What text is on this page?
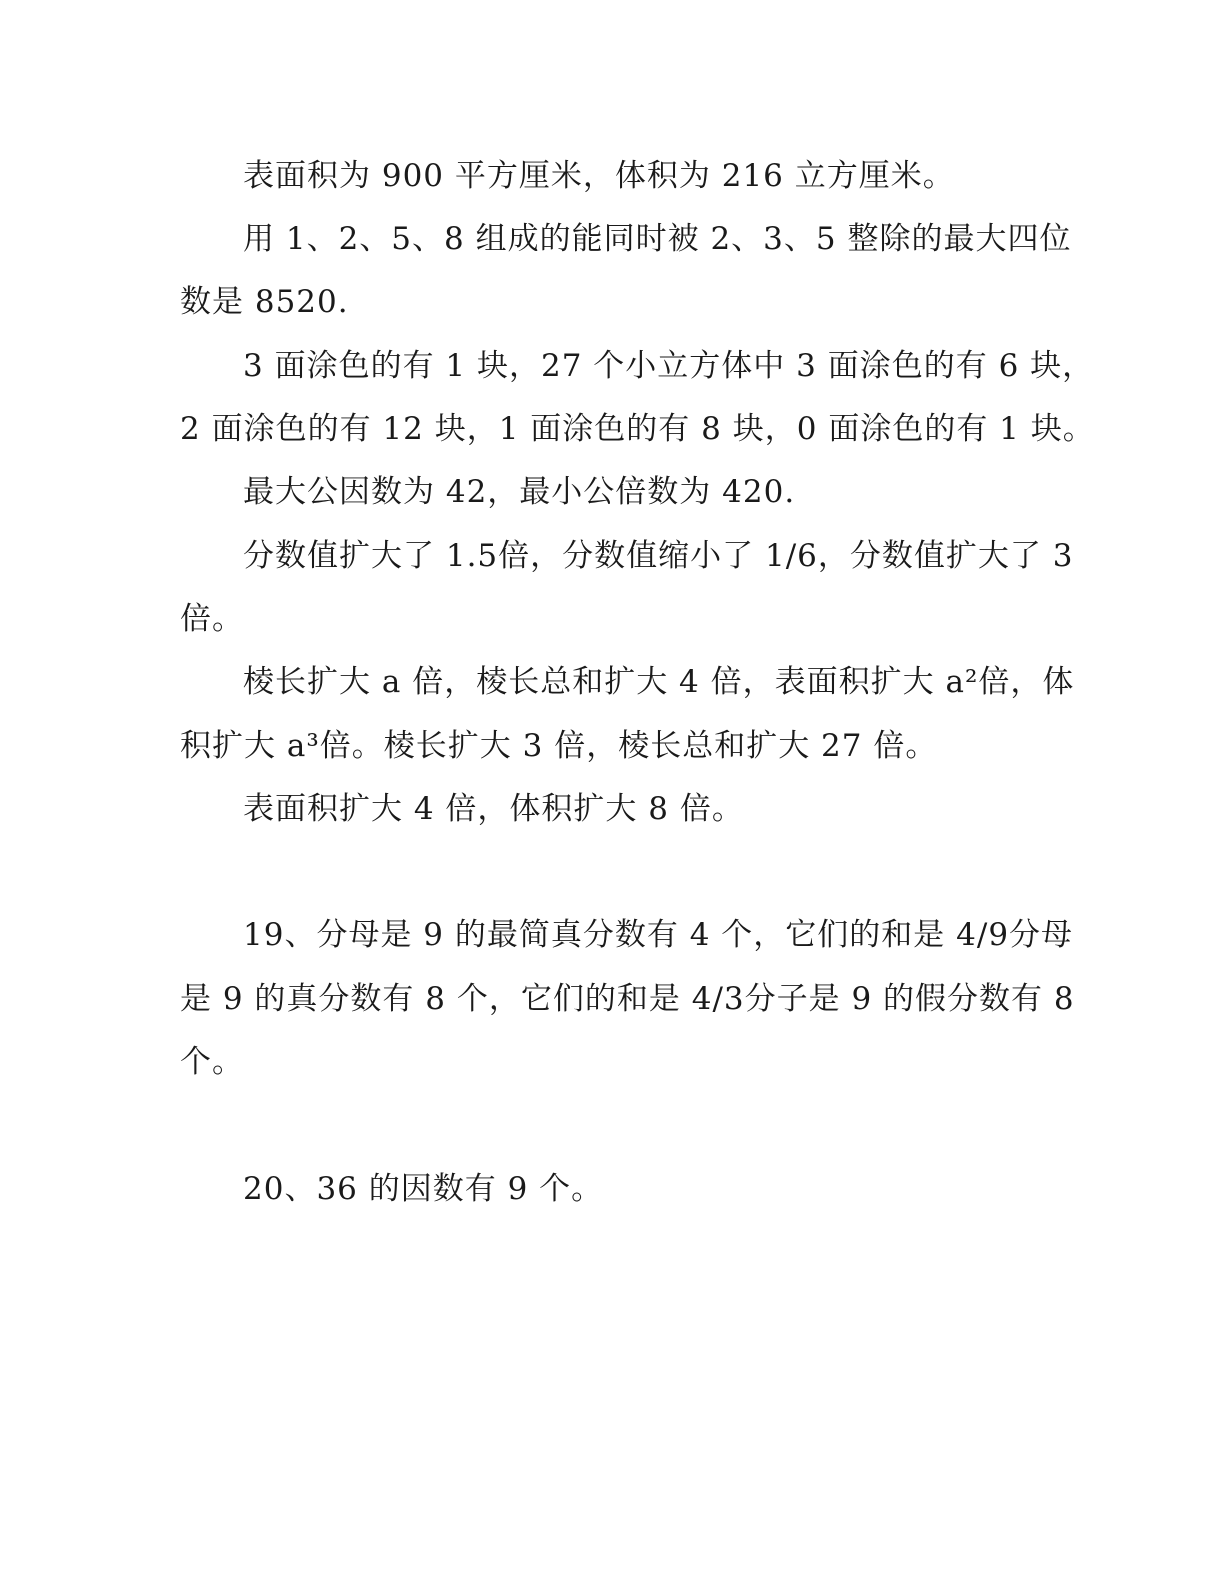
表面积为 900 平方厘米，体积为 216 立方厘米。
用 1、2、5、8 组成的能同时被 2、3、5 整除的最大四位
数是 8520.
3 面涂色的有 1 块，27 个小立方体中 3 面涂色的有 6 块，
2 面涂色的有 12 块，1 面涂色的有 8 块，0 面涂色的有 1 块。
最大公因数为 42，最小公倍数为 420.
分数值扩大了 1.5倍，分数值缩小了 1/6，分数值扩大了 3
倍。
棱长扩大 a 倍，棱长总和扩大 4 倍，表面积扩大 a²倍，体
积扩大 a³倍。棱长扩大 3 倍，棱长总和扩大 27 倍。
表面积扩大 4 倍，体积扩大 8 倍。
19、分母是 9 的最简真分数有 4 个，它们的和是 4/9分母
是 9 的真分数有 8 个，它们的和是 4/3分子是 9 的假分数有 8
个。
20、36 的因数有 9 个。
